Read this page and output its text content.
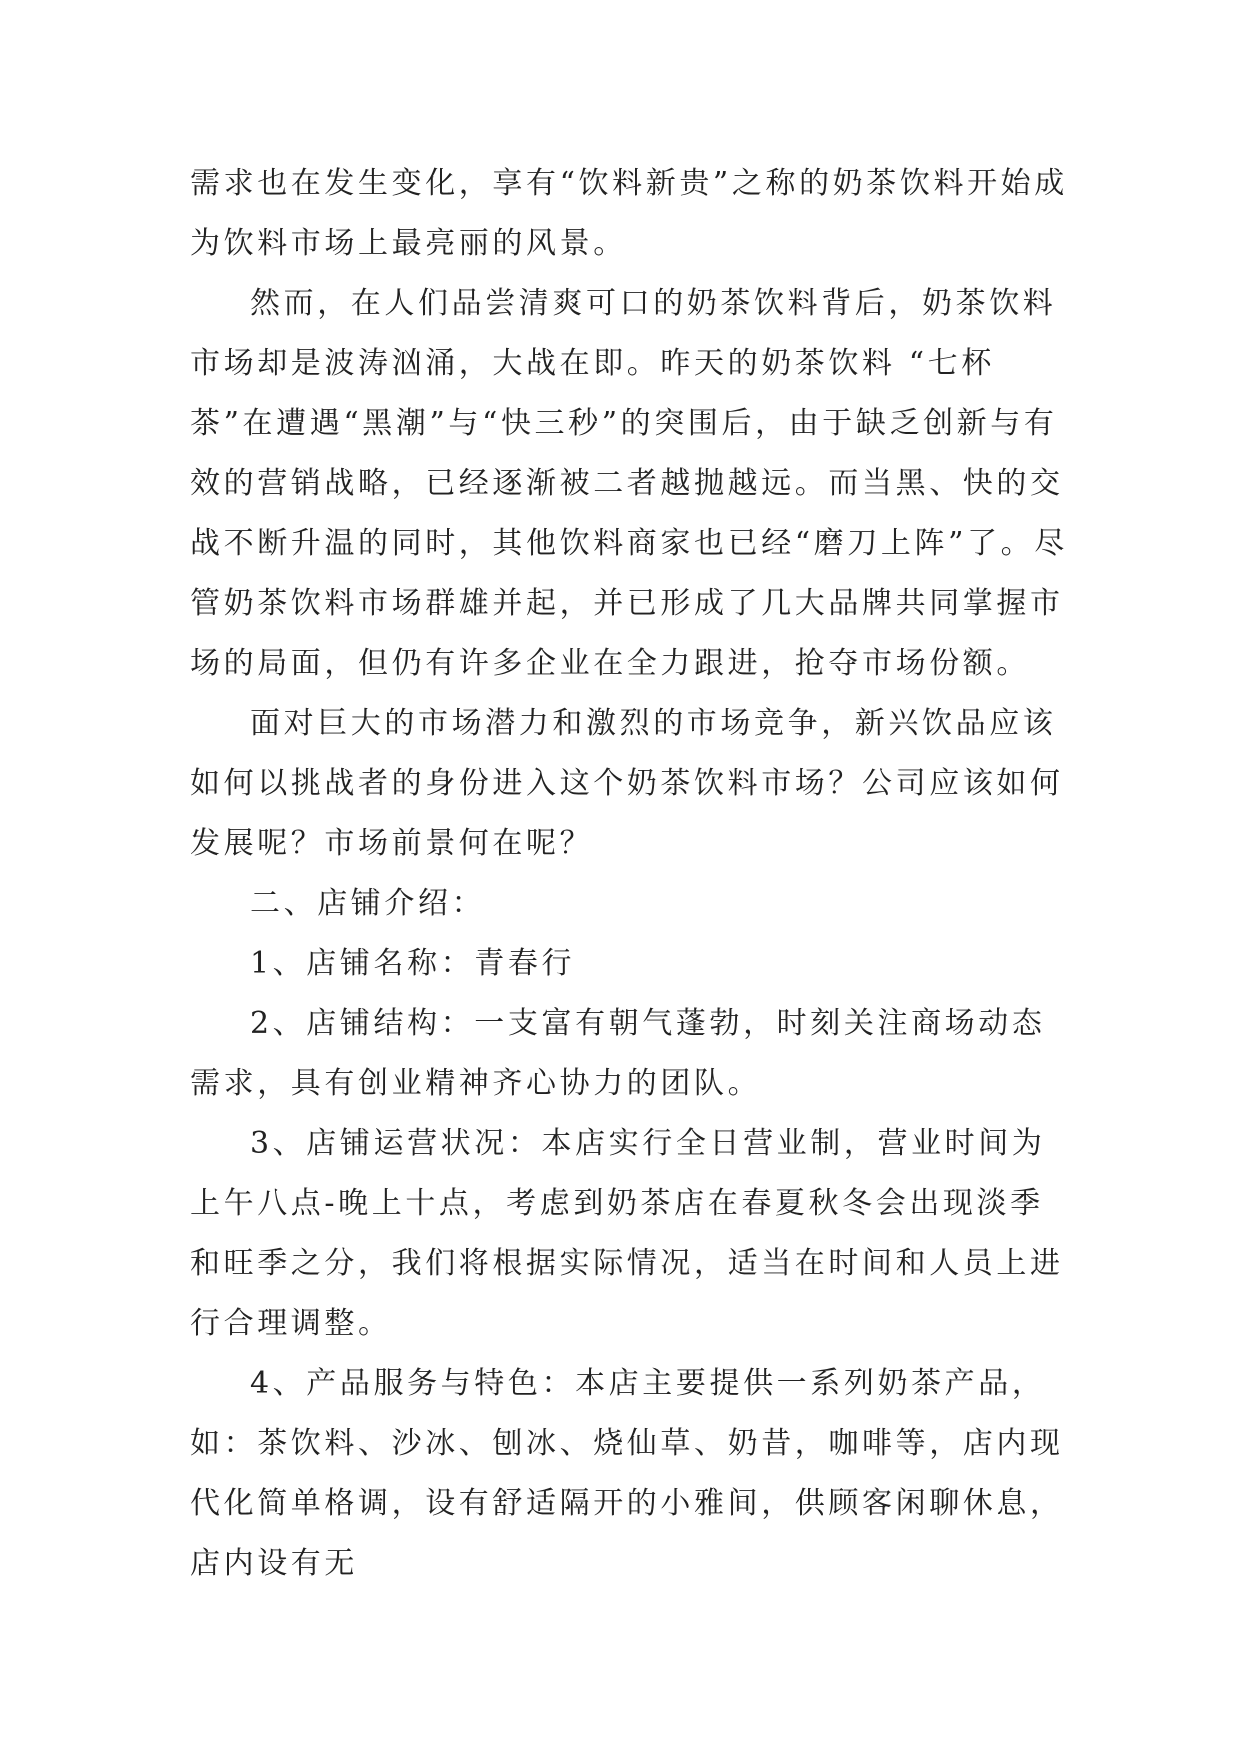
需求也在发生变化，享有“饮料新贵”之称的奶茶饮料开始成为饮料市场上最亮丽的风景。

然而，在人们品尝清爽可口的奶茶饮料背后，奶茶饮料市场却是波涛汹涌，大战在即。昨天的奶茶饮料 “七杯茶”在遭遇“黑潮”与“快三秒”的突围后，由于缺乏创新与有效的营销战略，已经逐渐被二者越抛越远。而当黑、快的交战不断升温的同时，其他饮料商家也已经“磨刀上阵”了。尽管奶茶饮料市场群雄并起，并已形成了几大品牌共同掌握市场的局面，但仍有许多企业在全力跟进，抢夺市场份额。

面对巨大的市场潜力和激烈的市场竞争，新兴饮品应该如何以挑战者的身份进入这个奶茶饮料市场？公司应该如何发展呢？市场前景何在呢？

二、店铺介绍：

1、店铺名称：青春行

2、店铺结构：一支富有朝气蓬勃，时刻关注商场动态需求，具有创业精神齐心协力的团队。

3、店铺运营状况：本店实行全日营业制，营业时间为上午八点-晚上十点，考虑到奶茶店在春夏秋冬会出现淡季和旺季之分，我们将根据实际情况，适当在时间和人员上进行合理调整。

4、产品服务与特色：本店主要提供一系列奶茶产品，如：茶饮料、沙冰、刨冰、烧仙草、奶昔，咖啡等，店内现代化简单格调，设有舒适隔开的小雅间，供顾客闲聊休息，店内设有无
